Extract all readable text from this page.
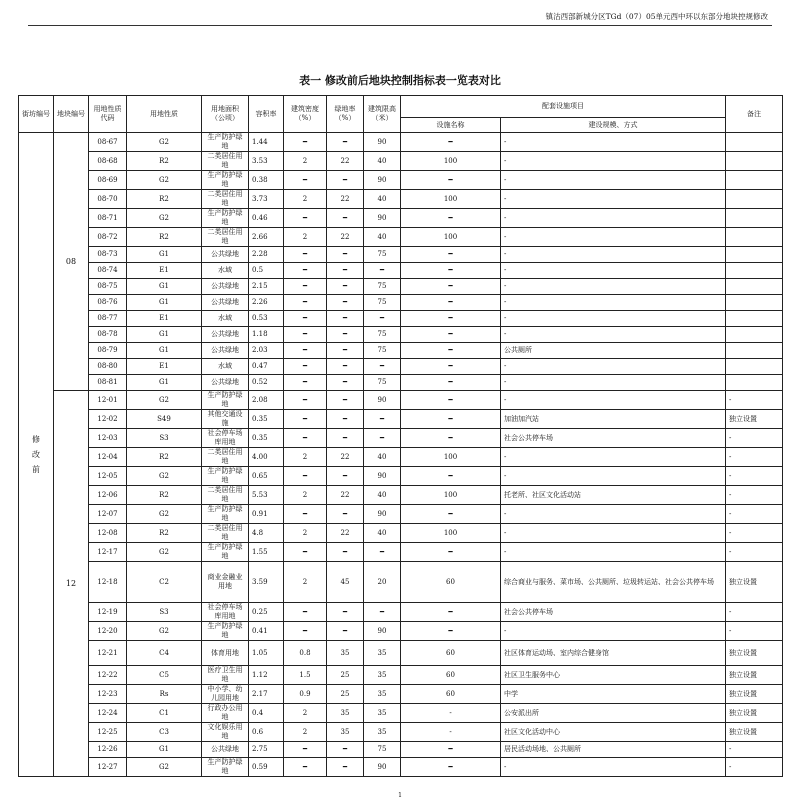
镇沽西部新城分区TGd（07）05单元西中环以东部分地块控规修改
表一 修改前后地块控制指标表一览表对比
街坊编号	地块编号	用地性质代码	用地性质	用地面积（公顷）	容积率	建筑密度（%）	绿地率（%）	建筑限高（米）	配套设施项目		备注	
									设施名称	建设规模、方式		

修
改
前	08	08-67	G2	生产防护绿地	1.44	━	━	90	━	-		
		08-68	R2	二类居住用地	3.53	2	22	40	100	-		
		08-69	G2	生产防护绿地	0.38	━	━	90	━	-		
		08-70	R2	二类居住用地	3.73	2	22	40	100	-		
		08-71	G2	生产防护绿地	0.46	━	━	90	━	-		
		08-72	R2	二类居住用地	2.66	2	22	40	100	-		
		08-73	G1	公共绿地	2.28	━	━	75	━	-		
		08-74	E1	水域	0.5	━	━	━	━	-		
		08-75	G1	公共绿地	2.15	━	━	75	━	-		
		08-76	G1	公共绿地	2.26	━	━	75	━	-		
		08-77	E1	水域	0.53	━	━	━	━	-		
		08-78	G1	公共绿地	1.18	━	━	75	━	-		
		08-79	G1	公共绿地	2.03	━	━	75	━	公共厕所		
		08-80	E1	水域	0.47	━	━	━	━	-		
		08-81	G1	公共绿地	0.52	━	━	75	━	-		
	12	12-01	G2	生产防护绿地	2.08	━	━	90	━	-	-	
		12-02	S49	其他交通设施	0.35	━	━	━	━	加油加汽站	独立设置	
		12-03	S3	社会停车场库用地	0.35	━	━	━	━	社会公共停车场	-	
		12-04	R2	二类居住用地	4.00	2	22	40	100	-	-	
		12-05	G2	生产防护绿地	0.65	━	━	90	━	-	-	
		12-06	R2	二类居住用地	5.53	2	22	40	100	托老所、社区文化活动站	-	
		12-07	G2	生产防护绿地	0.91	━	━	90	━	-	-	
		12-08	R2	二类居住用地	4.8	2	22	40	100	-	-	
		12-17	G2	生产防护绿地	1.55	━	━	━	━	-	-	
		12-18	C2	商业金融业用地	3.59	2	45	20	60	综合商业与服务、菜市场、公共厕所、垃圾转运站、社会公共停车场	独立设置	
		12-19	S3	社会停车场库用地	0.25	━	━	━	━	社会公共停车场	-	
		12-20	G2	生产防护绿地	0.41	━	━	90	━	-	-	
		12-21	C4	体育用地	1.05	0.8	35	35	60	社区体育运动场、室内综合健身馆	独立设置	
		12-22	C5	医疗卫生用地	1.12	1.5	25	35	60	社区卫生服务中心	独立设置	
		12-23	Rs	中小学、幼儿园用地	2.17	0.9	25	35	60	中学	独立设置	
		12-24	C1	行政办公用地	0.4	2	35	35	-	公安派出所	独立设置	
		12-25	C3	文化娱乐用地	0.6	2	35	35	-	社区文化活动中心	独立设置	
		12-26	G1	公共绿地	2.75	━	━	75	━	居民活动场地、公共厕所	-	
		12-27	G2	生产防护绿地	0.59	━	━	90	━	-	-	
1
